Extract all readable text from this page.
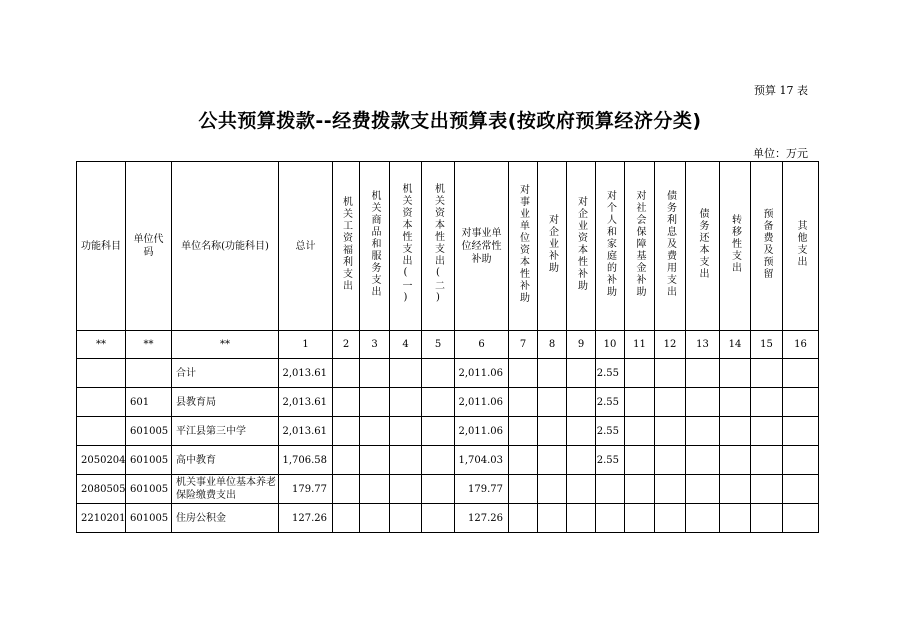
预算 17 表
公共预算拨款--经费拨款支出预算表(按政府预算经济分类)
单位：万元
功能科目	单位代码	单位名称(功能科目)	总计	机关工资福利支出	机关商品和服务支出	机关资本性支出(一)	机关资本性支出(二)	对事业单位经常性补助	对事业单位资本性补助	对企业补助	对企业资本性补助	对个人和家庭的补助	对社会保障基金补助	债务利息及费用支出	债务还本支出	转移性支出	预备费及预留	其他支出
**	**	**	1	2	3	4	5	6	7	8	9	10	11	12	13	14	15	16
		合计	2,013.61					2,011.06				2.55						
	601	县教育局	2,013.61					2,011.06				2.55						
	601005	平江县第三中学	2,013.61					2,011.06				2.55						
2050204	601005	高中教育	1,706.58					1,704.03				2.55						
2080505	601005	机关事业单位基本养老保险缴费支出	179.77					179.77										
2210201	601005	住房公积金	127.26					127.26										
